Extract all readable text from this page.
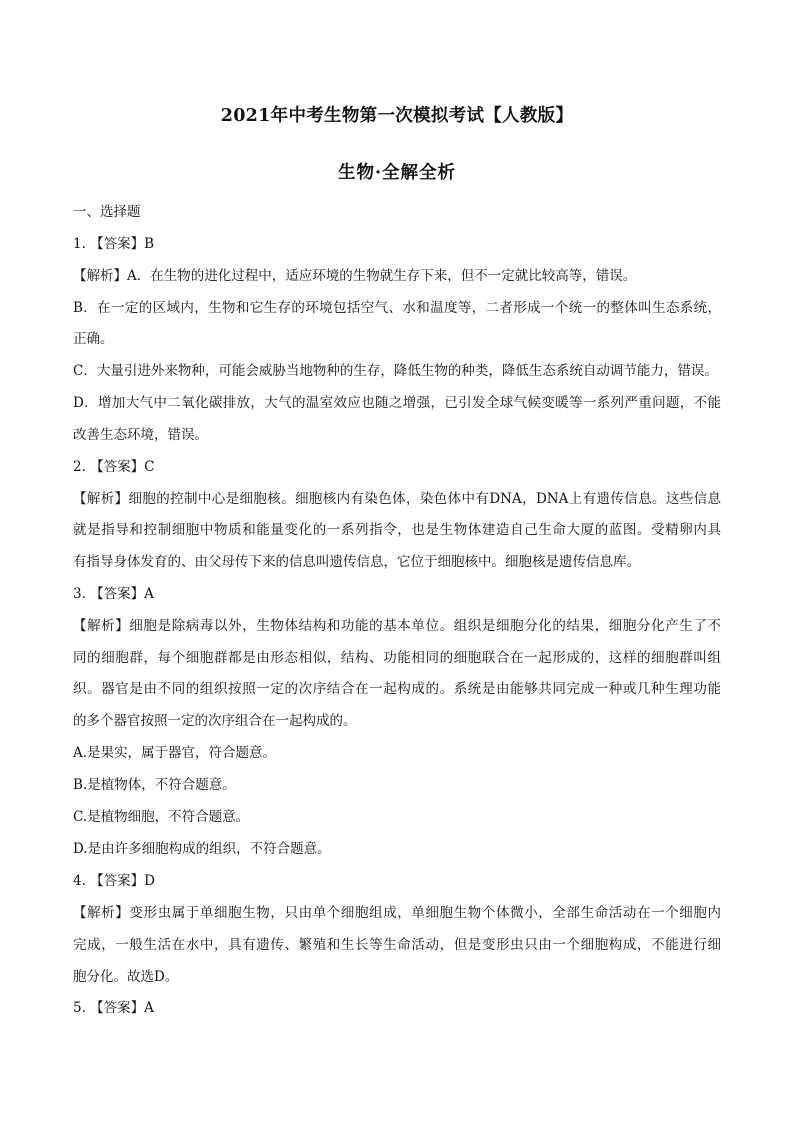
2021年中考生物第一次模拟考试【人教版】
生物·全解全析
一、选择题
1. 【答案】B
【解析】A．在生物的进化过程中，适应环境的生物就生存下来，但不一定就比较高等，错误。
B．在一定的区域内，生物和它生存的环境包括空气、水和温度等，二者形成一个统一的整体叫生态系统，
正确。
C．大量引进外来物种，可能会威胁当地物种的生存，降低生物的种类，降低生态系统自动调节能力，错误。
D．增加大气中二氧化碳排放，大气的温室效应也随之增强，已引发全球气候变暖等一系列严重问题，不能
改善生态环境，错误。
2. 【答案】C
【解析】细胞的控制中心是细胞核。细胞核内有染色体，染色体中有DNA，DNA上有遗传信息。这些信息
就是指导和控制细胞中物质和能量变化的一系列指令，也是生物体建造自己生命大厦的蓝图。受精卵内具
有指导身体发育的、由父母传下来的信息叫遗传信息，它位于细胞核中。细胞核是遗传信息库。
3. 【答案】A
【解析】细胞是除病毒以外，生物体结构和功能的基本单位。组织是细胞分化的结果，细胞分化产生了不
同的细胞群，每个细胞群都是由形态相似，结构、功能相同的细胞联合在一起形成的，这样的细胞群叫组
织。器官是由不同的组织按照一定的次序结合在一起构成的。系统是由能够共同完成一种或几种生理功能
的多个器官按照一定的次序组合在一起构成的。
A.是果实，属于器官，符合题意。
B.是植物体，不符合题意。
C.是植物细胞，不符合题意。
D.是由许多细胞构成的组织，不符合题意。
4. 【答案】D
【解析】变形虫属于单细胞生物，只由单个细胞组成，单细胞生物个体微小，全部生命活动在一个细胞内
完成，一般生活在水中，具有遗传、繁殖和生长等生命活动，但是变形虫只由一个细胞构成，不能进行细
胞分化。故选D。
5. 【答案】A
